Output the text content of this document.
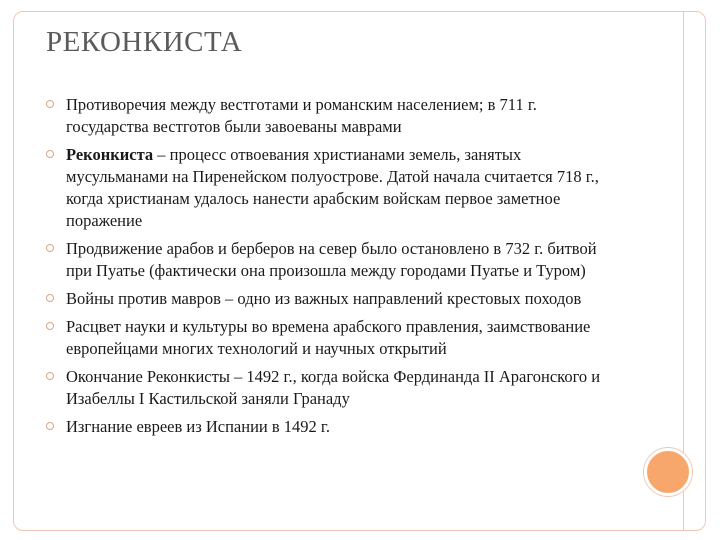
РЕКОНКИСТА
Противоречия между вестготами и романским населением; в 711 г. государства вестготов были завоеваны маврами
Реконкиста – процесс отвоевания христианами земель, занятых мусульманами на Пиренейском полуострове. Датой начала считается 718 г., когда христианам удалось нанести арабским войскам первое заметное поражение
Продвижение арабов и берберов на север было остановлено в 732 г. битвой при Пуатье (фактически она произошла между городами Пуатье и Туром)
Войны против мавров – одно из важных направлений крестовых походов
Расцвет науки и культуры во времена арабского правления, заимствование европейцами многих технологий и научных открытий
Окончание Реконкисты – 1492 г., когда войска Фердинанда II Арагонского и Изабеллы I Кастильской заняли Гранаду
Изгнание евреев из Испании в 1492 г.
